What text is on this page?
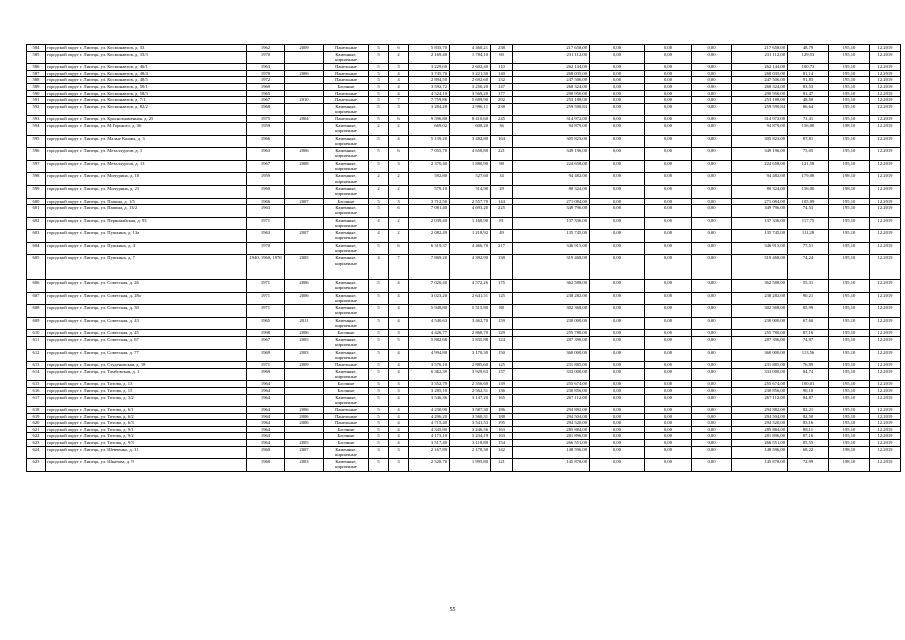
584	городской округ г. Липецк, ул. Космонавтов, д. 33	1962	2009	Панельные	5	6	5 835,70	4 460,21	238	217 658,00	0,00	0,00	0,00	217 658,00	48,79	195,10	12.2019
585	городской округ г. Липецк, ул. Космонавтов, д. 33/3	1970		Каменные, кирпичные	5	2	2 169,40	1 784,10	69	231 112,00	0,00	0,00	0,00	231 112,00	129,53	195,10	12.2019
586	городской округ г. Липецк, ул. Космонавтов, д. 46/1	1963		Панельные	5	3	3 229,60	2 602,40	110	262 144,00	0,00	0,00	0,00	262 144,00	100,73	195,10	12.2019
587	городской округ г. Липецк, ул. Космонавтов, д. 48/4	1970	2006	Панельные	5	4	3 745,70	3 221,30	140	268 035,00	0,00	0,00	0,00	268 035,00	81,14	195,10	12.2019
588	городской округ г. Липецк, ул. Космонавтов, д. 48/5	1972		Панельные	5	4	2 894,50	2 692,60	132	247 506,00	0,00	0,00	0,00	247 506,00	91,85	195,10	12.2019
589	городской округ г. Липецк, ул. Космонавтов, д. 50/1	1969		Блочные	5	4	3 592,72	3 250,20	147	268 324,00	0,00	0,00	0,00	268 324,00	83,53	195,10	12.2019
590	городской округ г. Липецк, ул. Космонавтов, д. 58/3	1965		Панельные	5	4	4 524,10	3 569,20	177	290 950,00	0,00	0,00	0,00	290 950,00	81,47	195,10	12.2019
591	городской округ г. Липецк, ул. Космонавтов, д. 7/1	1967	2010	Панельные	5	7	7 759,86	5 689,90	292	253 188,00	0,00	0,00	0,00	253 188,00	48,50	195,10	12.2019
592	городской округ г. Липецк, ул. Космонавтов, д. 82/2	1968		Каменные, кирпичные	5	3	3 284,28	2 996,11	238	259 590,84	0,00	0,00	0,00	259 590,84	86,64	195,10	12.2019
593	городской округ г. Липецк, ул. Краснознаменная, д. 25	1975	2004	Панельные	5	6	9 596,80	8 410,60	245	314 972,00	0,00	0,00	0,00	314 972,00	71,41	195,10	12.2019
594	городской округ г. Липецк, ул. М.Горького, д. 36	1959		Каменные, кирпичные	2	2	669,02	608,20	36	94 879,00	0,00	0,00	0,00	94 879,00	156,00	198,10	12.2019
595	городской округ г. Липецк, ул. Малые Колмы, д. 3	1966		Каменные, кирпичные	5	4	5 139,20	3 482,80	164	305 823,00	0,00	0,00	0,00	305 823,00	87,81	195,10	12.2019
596	городской округ г. Липецк, ул. Металлургов, д. 1	1963	2006	Каменные, кирпичные	5	6	7 055,70	4 658,80	221	349 196,00	0,00	0,00	0,00	349 196,00	75,05	195,10	12.2019
597	городской округ г. Липецк, ул. Металлургов, д. 13	1967	2008	Каменные, кирпичные	5	3	2 370,40	1 880,90	98	224 658,00	0,00	0,00	0,00	224 658,00	121,58	195,10	12.2019
598	городской округ г. Липецк, ул. Мичурина, д. 10	1959		Каменные, кирпичные	2	2	592,80	527,60	34	94 482,00	0,00	0,00	0,00	94 482,00	179,08	198,10	12.2019
599	городской округ г. Липецк, ул. Мичурина, д. 21	1960		Каменные, кирпичные	2	2	579,10	514,90	29	80 324,00	0,00	0,00	0,00	80 324,00	156,00	198,10	12.2019
600	городской округ г. Липецк, ул. Папина, д. 1/5	1966	2007	Блочные	5	3	3 712,50	2 557,70	144	271 084,00	0,00	0,00	0,00	271 084,00	105,99	195,10	12.2019
601	городской округ г. Липецк, ул. Папина, д. 13/2	1963		Каменные, кирпичные	5	6	7 081,40	4 693,20	225	349 796,00	0,00	0,00	0,00	349 796,00	74,53	195,10	12.2019
602	городской округ г. Липецк, ул. Первомайская, д. 93	1971		Каменные, кирпичные	4	2	2 039,40	1 168,90	81	137 336,00	0,00	0,00	0,00	137 336,00	117,75	195,10	12.2019
603	городской округ г. Липецк, ул. Пушкина, д. 13а	1963	2007	Каменные, кирпичные	4	2	2 082,49	1 218,92	49	135 745,00	0,00	0,00	0,00	135 745,00	111,28	195,10	12.2019
604	городской округ г. Липецк, ул. Пушкина, д. 4	1970		Каменные, кирпичные	5	6	6 319,37	4 466,70	217	346 915,00	0,00	0,00	0,00	346 915,00	77,51	195,10	12.2019
605	городской округ г. Липецк, ул. Пушкина, д. 7	1940, 1960, 1970	2005	Каменные, кирпичные	4	7	7 869,20	4 392,90	138	319 468,00	0,00	0,00	0,00	319 468,00	74,24	195,10	12.2019
606	городской округ г. Липецк, ул. Советская, д. 26	1971	2006	Каменные, кирпичные	5	4	7 020,40	4 572,26	175	362 588,00	0,00	0,00	0,00	362 588,00	55,31	195,10	12.2019
607	городской округ г. Липецк, ул. Советская, д. 28а	1971	2006	Каменные, кирпичные	5	4	3 023,20	2 641,51	125	238 282,00	0,00	0,00	0,00	238 282,00	90,21	195,10	12.2019
608	городской округ г. Липецк, ул. Советская, д. 30	1971		Каменные, кирпичные	5	4	5 948,80	5 515,80	88	302 368,00	0,00	0,00	0,00	302 368,00	85,99	195,10	12.2019
609	городской округ г. Липецк, ул. Советская, д. 43	1965	2011	Каменные, кирпичные	5	4	4 540,63	3 462,70	159	230 000,00	0,00	0,00	0,00	230 000,00	67,60	195,10	12.2019
610	городской округ г. Липецк, ул. Советская, д. 45	1998	2006	Блочные	5	3	4 426,77	2 868,70	129	255 780,00	0,00	0,00	0,00	255 780,00	87,16	195,10	12.2019
611	городской округ г. Липецк, ул. Советская, д. 67	1967	2005	Каменные, кирпичные	5	5	5 882,68	3 835,88	124	287 396,00	0,00	0,00	0,00	287 396,00	74,97	195,10	12.2019
612	городской округ г. Липецк, ул. Советская, д. 77	1969	2003	Каменные, кирпичные	5	4	4 994,80	3 170,30	150	360 000,00	0,00	0,00	0,00	360 000,00	113,56	195,10	12.2019
613	городской округ г. Липецк, ул. Студеновская, д. 18	1971	2009	Панельные	5	4	3 576,10	2 885,60	125	231 885,00	0,00	0,00	0,00	231 885,00	76,89	195,10	12.2019
614	городской округ г. Липецк, ул. Тамбовская, д. 1	1969		Каменные, кирпичные	5	4	6 362,39	3 929,63	157	333 000,00	0,00	0,00	0,00	333 000,00	84,74	195,10	12.2019
615	городской округ г. Липецк, ул. Титова, д. 13	1964		Блочные	5	3	3 352,79	2 556,60	139	255 674,00	0,00	0,00	0,00	255 674,00	100,01	195,10	12.2019
616	городской округ г. Липецк, ул. Титова, д. 15	1964		Блочные	5	3	3 285,10	2 562,51	136	230 856,00	0,00	0,00	0,00	230 856,00	90,10	195,10	12.2019
617	городской округ г. Липецк, ул. Титова, д. 3/2	1964		Каменные, кирпичные	5	4	3 546,36	3 147,20	165	267 112,00	0,00	0,00	0,00	267 112,00	84,87	195,10	12.2019
618	городской округ г. Липецк, ул. Титова, д. 6/1	1964	2006	Панельные	5	4	4 230,90	3 587,30	186	294 882,00	0,00	0,00	0,00	294 882,00	82,21	195,10	12.2019
619	городской округ г. Липецк, ул. Титова, д. 6/2	1964	2006	Панельные	5	4	4 296,20	3 560,31	188	294 504,00	0,00	0,00	0,00	294 504,00	82,50	195,10	12.2019
620	городской округ г. Липецк, ул. Титова, д. 6/3	1964	2006	Панельные	5	4	4 715,40	3 541,53	195	294 520,00	0,00	0,00	0,00	294 520,00	83,16	195,10	12.2019
621	городской округ г. Липецк, ул. Титова, д. 9/1	1964		Блочные	5	4	4 345,80	3 246,56	163	285 884,00	0,00	0,00	0,00	285 884,00	88,11	195,10	12.2019
622	городской округ г. Липецк, ул. Титова, д. 9/2	1964		Блочные	5	4	4 173,10	3 234,19	163	281 896,00	0,00	0,00	0,00	281 896,00	87,16	195,10	12.2019
623	городской округ г. Липецк, ул. Титова, д. 9/3	1964	2005	Блочные	5	4	3 517,40	3 118,80	154	266 551,00	0,00	0,00	0,00	266 551,00	85,55	195,10	12.2019
624	городской округ г. Липецк, ул. Шевченко, д. 11	1960	2007	Каменные, кирпичные	3	3	2 167,89	2 178,30	142	148 596,00	0,00	0,00	0,00	148 596,00	68,22	198,10	12.2019
625	городской округ г. Липецк, ул. Шкатова, д. 9	1968	2003	Каменные, кирпичные	5	3	2 528,70	1 995,80	121	145 878,00	0,00	0,00	0,00	145 878,00	72,99	198,10	12.2019
55
